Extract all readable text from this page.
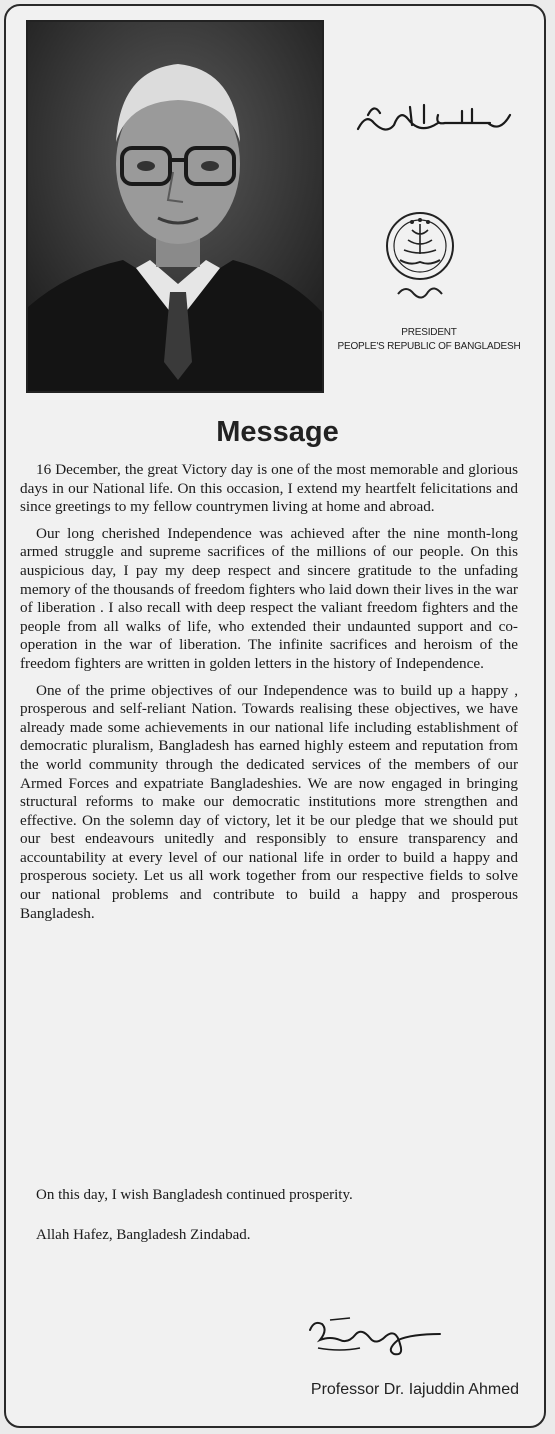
PRESIDENT
PEOPLE'S REPUBLIC OF BANGLADESH
Message

16 December, the great Victory day is one of the most memorable and glorious days in our National life. On this occasion, I extend my heartfelt felicitations and since greetings to my fellow countrymen living at home and abroad.

Our long cherished Independence was achieved after the nine month-long armed struggle and supreme sacrifices of the millions of our people. On this auspicious day, I pay my deep respect and sincere gratitude to the unfading memory of the thousands of freedom fighters who laid down their lives in the war of liberation . I also recall with deep respect the valiant freedom fighters and the people from all walks of life, who extended their undaunted support and co-operation in the war of liberation. The infinite sacrifices and heroism of the freedom fighters are written in golden letters in the history of Independence.

One of the prime objectives of our Independence was to build up a happy , prosperous and self-reliant Nation. Towards realising these objectives, we have already made some achievements in our national life including establishment of democratic pluralism, Bangladesh has earned highly esteem and reputation from the world community through the dedicated services of the members of our Armed Forces and expatriate Bangladeshies. We are now engaged in bringing structural reforms to make our democratic institutions more strengthen and effective. On the solemn day of victory, let it be our pledge that we should put our best endeavours unitedly and responsibly to ensure transparency and accountability at every level of our national life in order to build a happy and prosperous society. Let us all work together from our respective fields to solve our national problems and contribute to build a happy and prosperous Bangladesh.

On this day, I wish Bangladesh continued prosperity.
Allah Hafez, Bangladesh Zindabad.
Professor Dr. Iajuddin Ahmed
